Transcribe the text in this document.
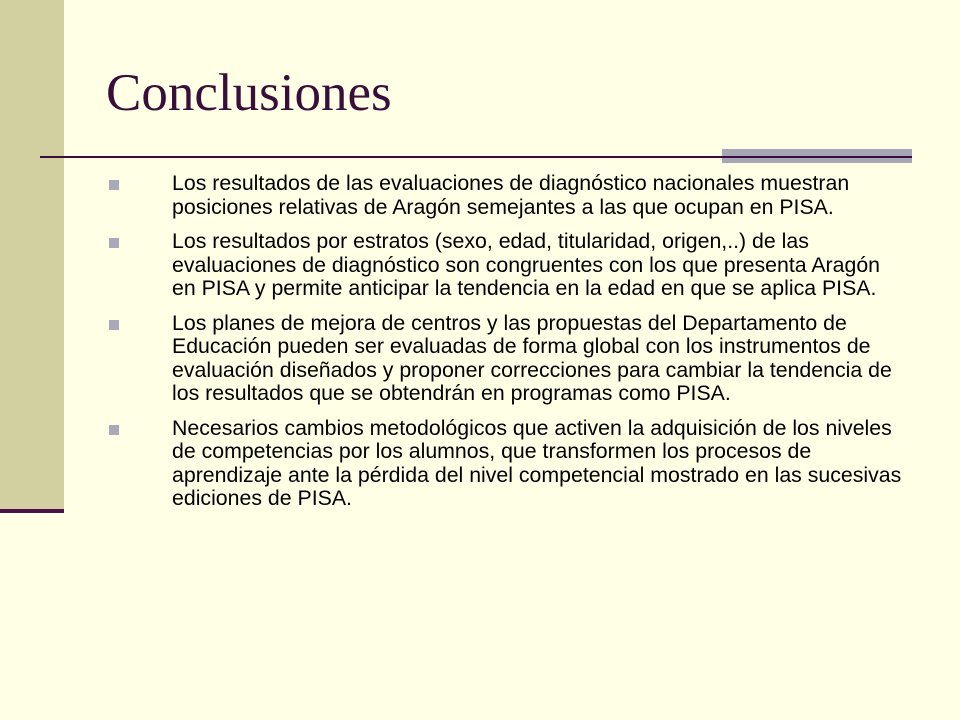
Conclusiones
Los resultados de las evaluaciones de diagnóstico nacionales muestran posiciones relativas de Aragón semejantes a las que ocupan en PISA.
Los resultados por estratos (sexo, edad, titularidad, origen,..) de las evaluaciones de diagnóstico son congruentes con los que presenta Aragón en PISA y permite anticipar la tendencia en la edad en que se aplica PISA.
Los planes de mejora de centros y las propuestas del Departamento de Educación pueden ser evaluadas de forma global con los instrumentos de evaluación diseñados y proponer correcciones para cambiar la tendencia de los resultados que se obtendrán en programas como PISA.
Necesarios cambios metodológicos que activen la adquisición de los niveles de competencias por los alumnos, que transformen los procesos de aprendizaje ante la pérdida del nivel competencial mostrado en las sucesivas ediciones de PISA.
